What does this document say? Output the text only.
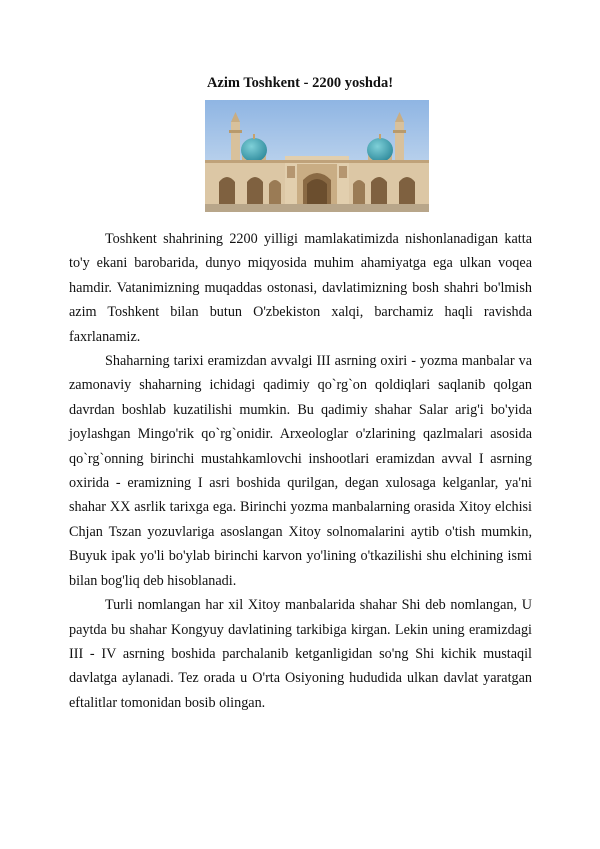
Azim Toshkent - 2200 yoshda!

Toshkent shahrining 2200 yilligi mamlakatimizda nishonlanadigan katta to'y ekani barobarida, dunyo miqyosida muhim ahamiyatga ega ulkan voqea hamdir. Vatanimizning muqaddas ostonasi, davlatimizning bosh shahri bo'lmish azim Toshkent bilan butun O'zbekiston xalqi, barchamiz haqli ravishda faxrlanamiz.

Shaharning tarixi eramizdan avvalgi III asrning oxiri - yozma manbalar va zamonaviy shaharning ichidagi qadimiy qo`rg`on qoldiqlari saqlanib qolgan davrdan boshlab kuzatilishi mumkin. Bu qadimiy shahar Salar arig'i bo'yida joylashgan Mingo'rik qo`rg`onidir. Arxeologlar o'zlarining qazlmalari asosida qo`rg`onning birinchi mustahkamlovchi inshootlari eramizdan avval I asrning oxirida - eramizning I asri boshida qurilgan, degan xulosaga kelganlar, ya'ni shahar XX asrlik tarixga ega. Birinchi yozma manbalarning orasida Xitoy elchisi Chjan Tszan yozuvlariga asoslangan Xitoy solnomalarini aytib o'tish mumkin, Buyuk ipak yo'li bo'ylab birinchi karvon yo'lining o'tkazilishi shu elchining ismi bilan bog'liq deb hisoblanadi.

Turli nomlangan har xil Xitoy manbalarida shahar Shi deb nomlangan, U paytda bu shahar Kongyuy davlatining tarkibiga kirgan. Lekin uning eramizdagi III - IV asrning boshida parchalanib ketganligidan so'ng Shi kichik mustaqil davlatga aylanadi. Tez orada u O'rta Osiyoning hududida ulkan davlat yaratgan eftalitlar tomonidan bosib olingan.
